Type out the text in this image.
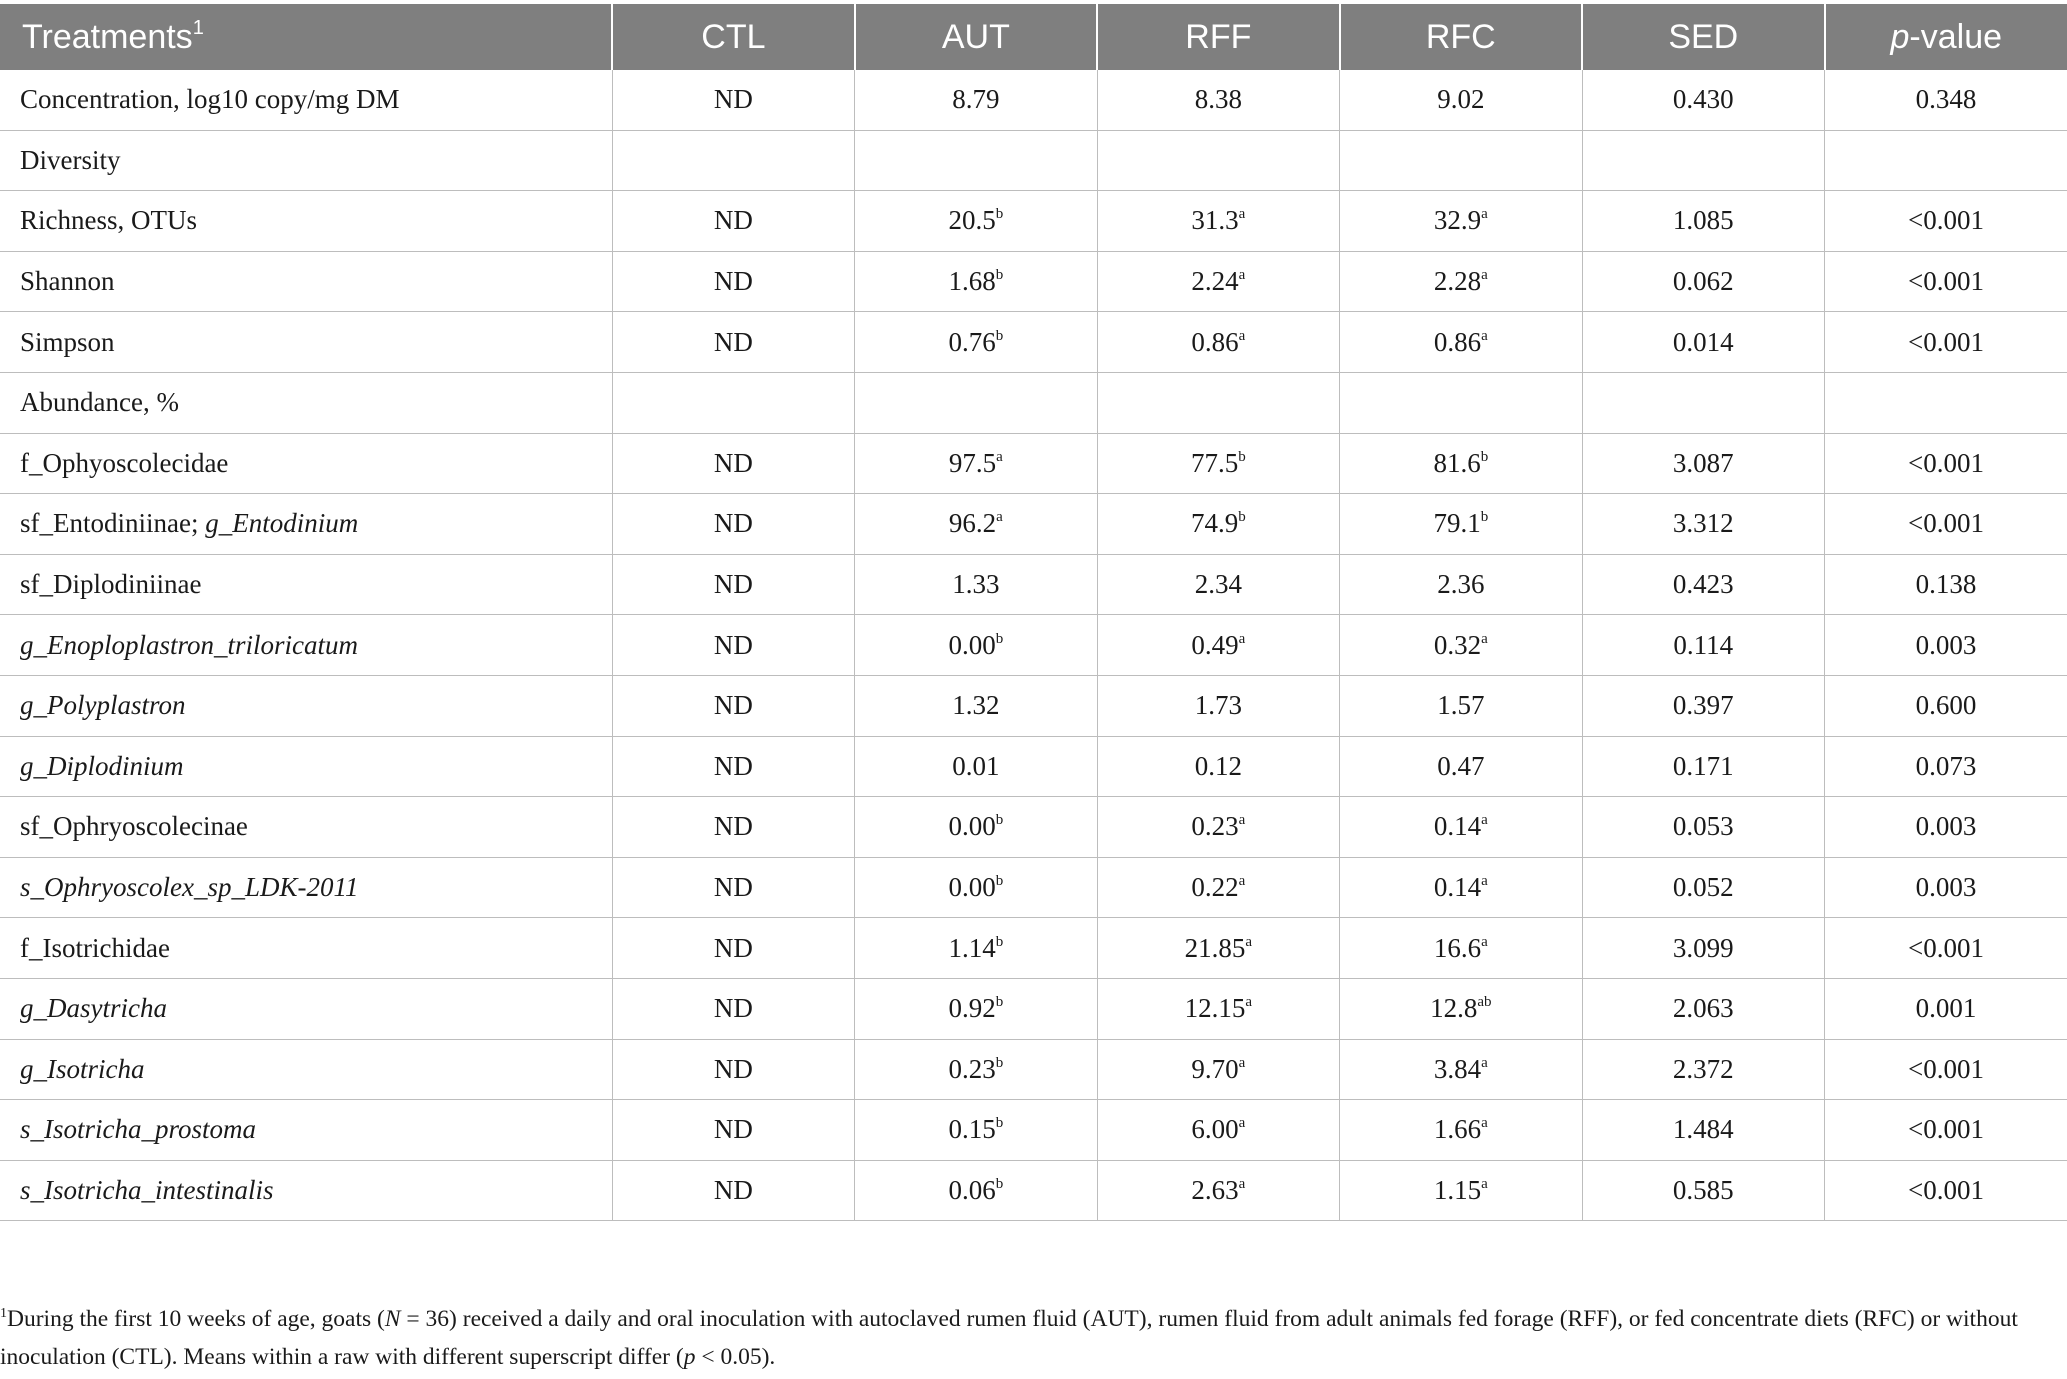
Treatments$^1$	CTL	AUT	RFF	RFC	SED	p-value
Concentration, log10 copy/mg DM	ND	8.79	8.38	9.02	0.430	0.348
Diversity						
Richness, OTUs	ND	20.5$^b$	31.3$^a$	32.9$^a$	1.085	<0.001
Shannon	ND	1.68$^b$	2.24$^a$	2.28$^a$	0.062	<0.001
Simpson	ND	0.76$^b$	0.86$^a$	0.86$^a$	0.014	<0.001
Abundance, %						
f_Ophyoscolecidae	ND	97.5$^a$	77.5$^b$	81.6$^b$	3.087	<0.001
sf_Entodiniinae; g_Entodinium	ND	96.2$^a$	74.9$^b$	79.1$^b$	3.312	<0.001
sf_Diplodiniinae	ND	1.33	2.34	2.36	0.423	0.138
g_Enoploplastron_triloricatum	ND	0.00$^b$	0.49$^a$	0.32$^a$	0.114	0.003
g_Polyplastron	ND	1.32	1.73	1.57	0.397	0.600
g_Diplodinium	ND	0.01	0.12	0.47	0.171	0.073
sf_Ophryoscolecinae	ND	0.00$^b$	0.23$^a$	0.14$^a$	0.053	0.003
s_Ophryoscolex_sp_LDK-2011	ND	0.00$^b$	0.22$^a$	0.14$^a$	0.052	0.003
f_Isotrichidae	ND	1.14$^b$	21.85$^a$	16.6$^a$	3.099	<0.001
g_Dasytricha	ND	0.92$^b$	12.15$^a$	12.8$^{ab}$	2.063	0.001
g_Isotricha	ND	0.23$^b$	9.70$^a$	3.84$^a$	2.372	<0.001
s_Isotricha_prostoma	ND	0.15$^b$	6.00$^a$	1.66$^a$	1.484	<0.001
s_Isotricha_intestinalis	ND	0.06$^b$	2.63$^a$	1.15$^a$	0.585	<0.001
$^1$During the first 10 weeks of age, goats (N = 36) received a daily and oral inoculation with autoclaved rumen fluid (AUT), rumen fluid from adult animals fed forage (RFF), or fed concentrate diets (RFC) or without inoculation (CTL). Means within a raw with different superscript differ (p < 0.05).
